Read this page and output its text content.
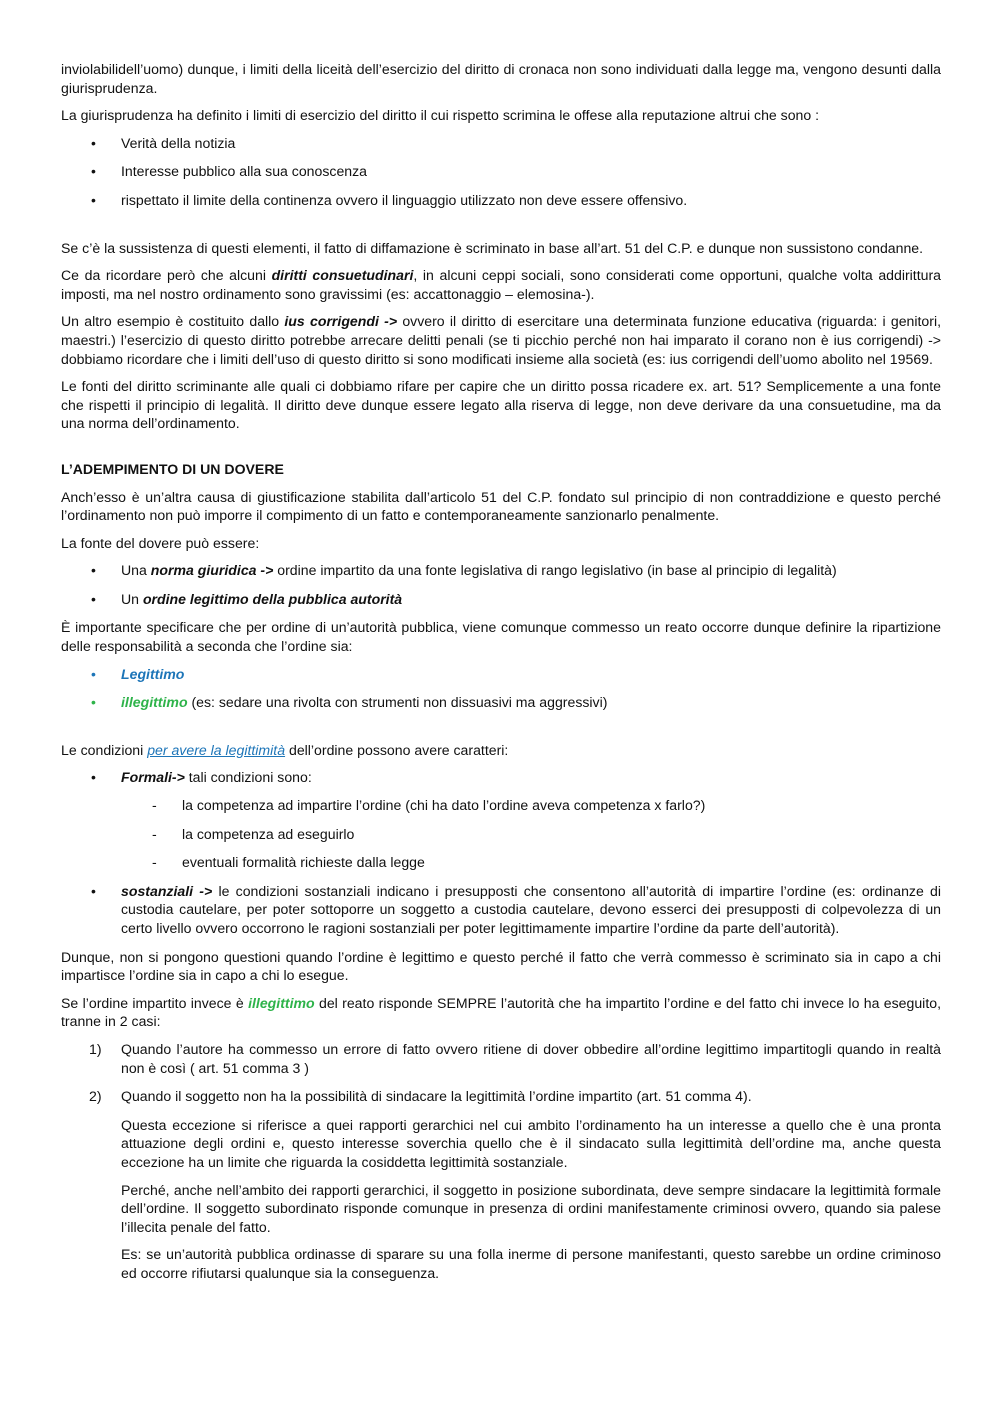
inviolabilidell’uomo) dunque, i limiti della liceità dell’esercizio del diritto di cronaca non sono individuati dalla legge ma, vengono desunti dalla giurisprudenza.

La giurisprudenza ha definito i limiti di esercizio del diritto il cui rispetto scrimina le offese alla reputazione altrui che sono :

• Verità della notizia
• Interesse pubblico alla sua conoscenza
• rispettato il limite della continenza ovvero il linguaggio utilizzato non deve essere offensivo.

Se c’è la sussistenza di questi elementi, il fatto di diffamazione è scriminato in base all’art. 51 del C.P. e dunque non sussistono condanne.

Ce da ricordare però che alcuni diritti consuetudinari, in alcuni ceppi sociali, sono considerati come opportuni, qualche volta addirittura imposti, ma nel nostro ordinamento sono gravissimi (es: accattonaggio – elemosina-).

Un altro esempio è costituito dallo ius corrigendi -> ovvero il diritto di esercitare una determinata funzione educativa (riguarda: i genitori, maestri.) l’esercizio di questo diritto potrebbe arrecare delitti penali (se ti picchio perché non hai imparato il corano non è ius corrigendi) -> dobbiamo ricordare che i limiti dell’uso di questo diritto si sono modificati insieme alla società (es: ius corrigendi dell’uomo abolito nel 19569.

Le fonti del diritto scriminante alle quali ci dobbiamo rifare per capire che un diritto possa ricadere ex. art. 51? Semplicemente a una fonte che rispetti il principio di legalità. Il diritto deve dunque essere legato alla riserva di legge, non deve derivare da una consuetudine, ma da una norma dell’ordinamento.

L’ADEMPIMENTO DI UN DOVERE

Anch’esso è un’altra causa di giustificazione stabilita dall’articolo 51 del C.P. fondato sul principio di non contraddizione e questo perché l’ordinamento non può imporre il compimento di un fatto e contemporaneamente sanzionarlo penalmente.

La fonte del dovere può essere:

• Una norma giuridica -> ordine impartito da una fonte legislativa di rango legislativo (in base al principio di legalità)
• Un ordine legittimo della pubblica autorità

È importante specificare che per ordine di un’autorità pubblica, viene comunque commesso un reato occorre dunque definire la ripartizione delle responsabilità a seconda che l’ordine sia:

• Legittimo
• illegittimo (es: sedare una rivolta con strumenti non dissuasivi ma aggressivi)

Le condizioni per avere la legittimità dell’ordine possono avere caratteri:

• Formali-> tali condizioni sono:
- la competenza ad impartire l’ordine (chi ha dato l’ordine aveva competenza x farlo?)
- la competenza ad eseguirlo
- eventuali formalità richieste dalla legge
• sostanziali -> le condizioni sostanziali indicano i presupposti che consentono all’autorità di impartire l’ordine (es: ordinanze di custodia cautelare, per poter sottoporre un soggetto a custodia cautelare, devono esserci dei presupposti di colpevolezza di un certo livello ovvero occorrono le ragioni sostanziali per poter legittimamente impartire l’ordine da parte dell’autorità).

Dunque, non si pongono questioni quando l’ordine è legittimo e questo perché il fatto che verrà commesso è scriminato sia in capo a chi impartisce l’ordine sia in capo a chi lo esegue.

Se l’ordine impartito invece è illegittimo del reato risponde SEMPRE l’autorità che ha impartito l’ordine e del fatto chi invece lo ha eseguito, tranne in 2 casi:

1) Quando l’autore ha commesso un errore di fatto ovvero ritiene di dover obbedire all’ordine legittimo impartitogli quando in realtà non è così ( art. 51 comma 3 )
2) Quando il soggetto non ha la possibilità di sindacare la legittimità l’ordine impartito (art. 51 comma 4).

Questa eccezione si riferisce a quei rapporti gerarchici nel cui ambito l’ordinamento ha un interesse a quello che è una pronta attuazione degli ordini e, questo interesse soverchia quello che è il sindacato sulla legittimità dell’ordine ma, anche questa eccezione ha un limite che riguarda la cosiddetta legittimità sostanziale.

Perché, anche nell’ambito dei rapporti gerarchici, il soggetto in posizione subordinata, deve sempre sindacare la legittimità formale dell’ordine. Il soggetto subordinato risponde comunque in presenza di ordini manifestamente criminosi ovvero, quando sia palese l’illecita penale del fatto.

Es: se un’autorità pubblica ordinasse di sparare su una folla inerme di persone manifestanti, questo sarebbe un ordine criminoso ed occorre rifiutarsi qualunque sia la conseguenza.
